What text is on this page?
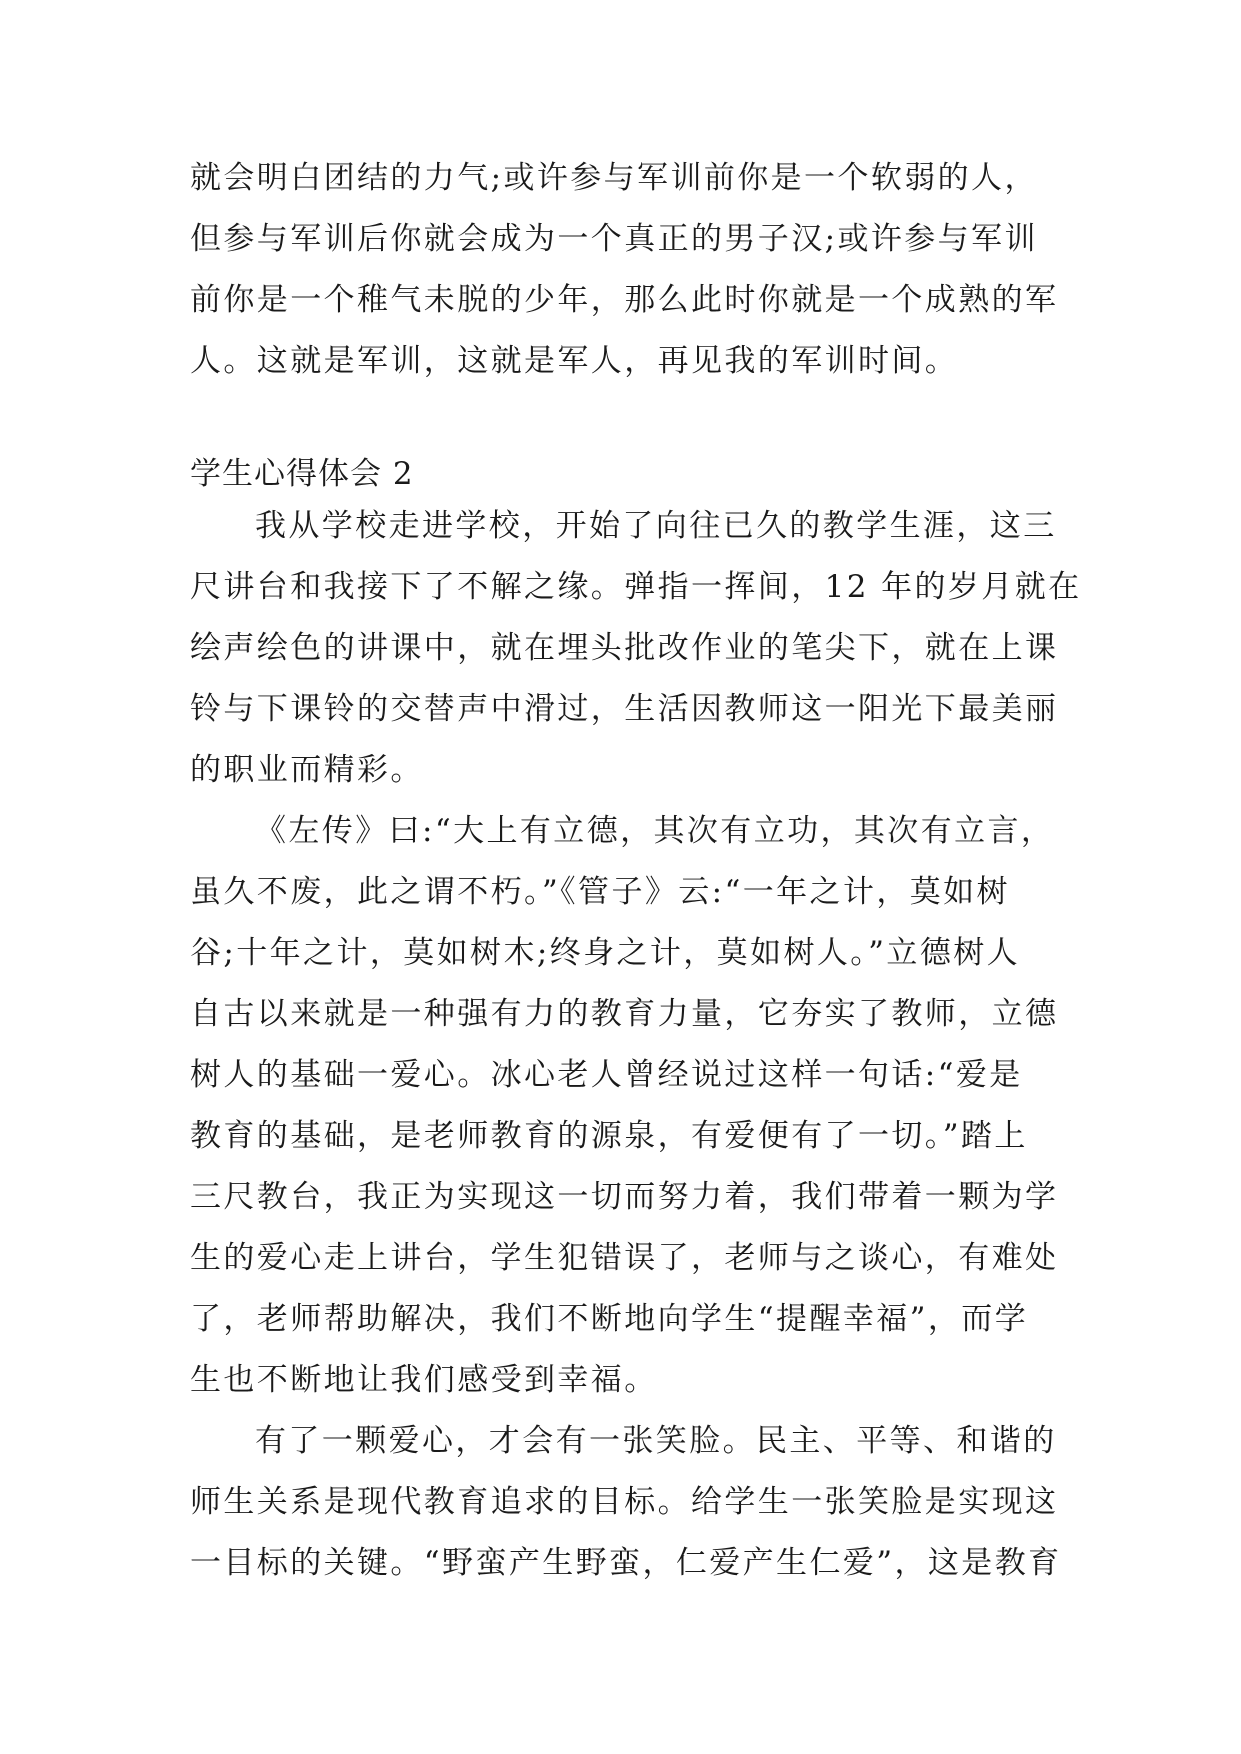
就会明白团结的力气;或许参与军训前你是一个软弱的人，
但参与军训后你就会成为一个真正的男子汉;或许参与军训
前你是一个稚气未脱的少年，那么此时你就是一个成熟的军
人。这就是军训，这就是军人，再见我的军训时间。
学生心得体会 2
我从学校走进学校，开始了向往已久的教学生涯，这三
尺讲台和我接下了不解之缘。弹指一挥间，12 年的岁月就在
绘声绘色的讲课中，就在埋头批改作业的笔尖下，就在上课
铃与下课铃的交替声中滑过，生活因教师这一阳光下最美丽
的职业而精彩。
《左传》曰:“大上有立德，其次有立功，其次有立言，
虽久不废，此之谓不朽。”《管子》云:“一年之计，莫如树
谷;十年之计，莫如树木;终身之计，莫如树人。”立德树人
自古以来就是一种强有力的教育力量，它夯实了教师，立德
树人的基础一爱心。冰心老人曾经说过这样一句话:“爱是
教育的基础，是老师教育的源泉，有爱便有了一切。”踏上
三尺教台，我正为实现这一切而努力着，我们带着一颗为学
生的爱心走上讲台，学生犯错误了，老师与之谈心，有难处
了，老师帮助解决，我们不断地向学生“提醒幸福”，而学
生也不断地让我们感受到幸福。
有了一颗爱心，才会有一张笑脸。民主、平等、和谐的
师生关系是现代教育追求的目标。给学生一张笑脸是实现这
一目标的关键。“野蛮产生野蛮，仁爱产生仁爱”，这是教育
